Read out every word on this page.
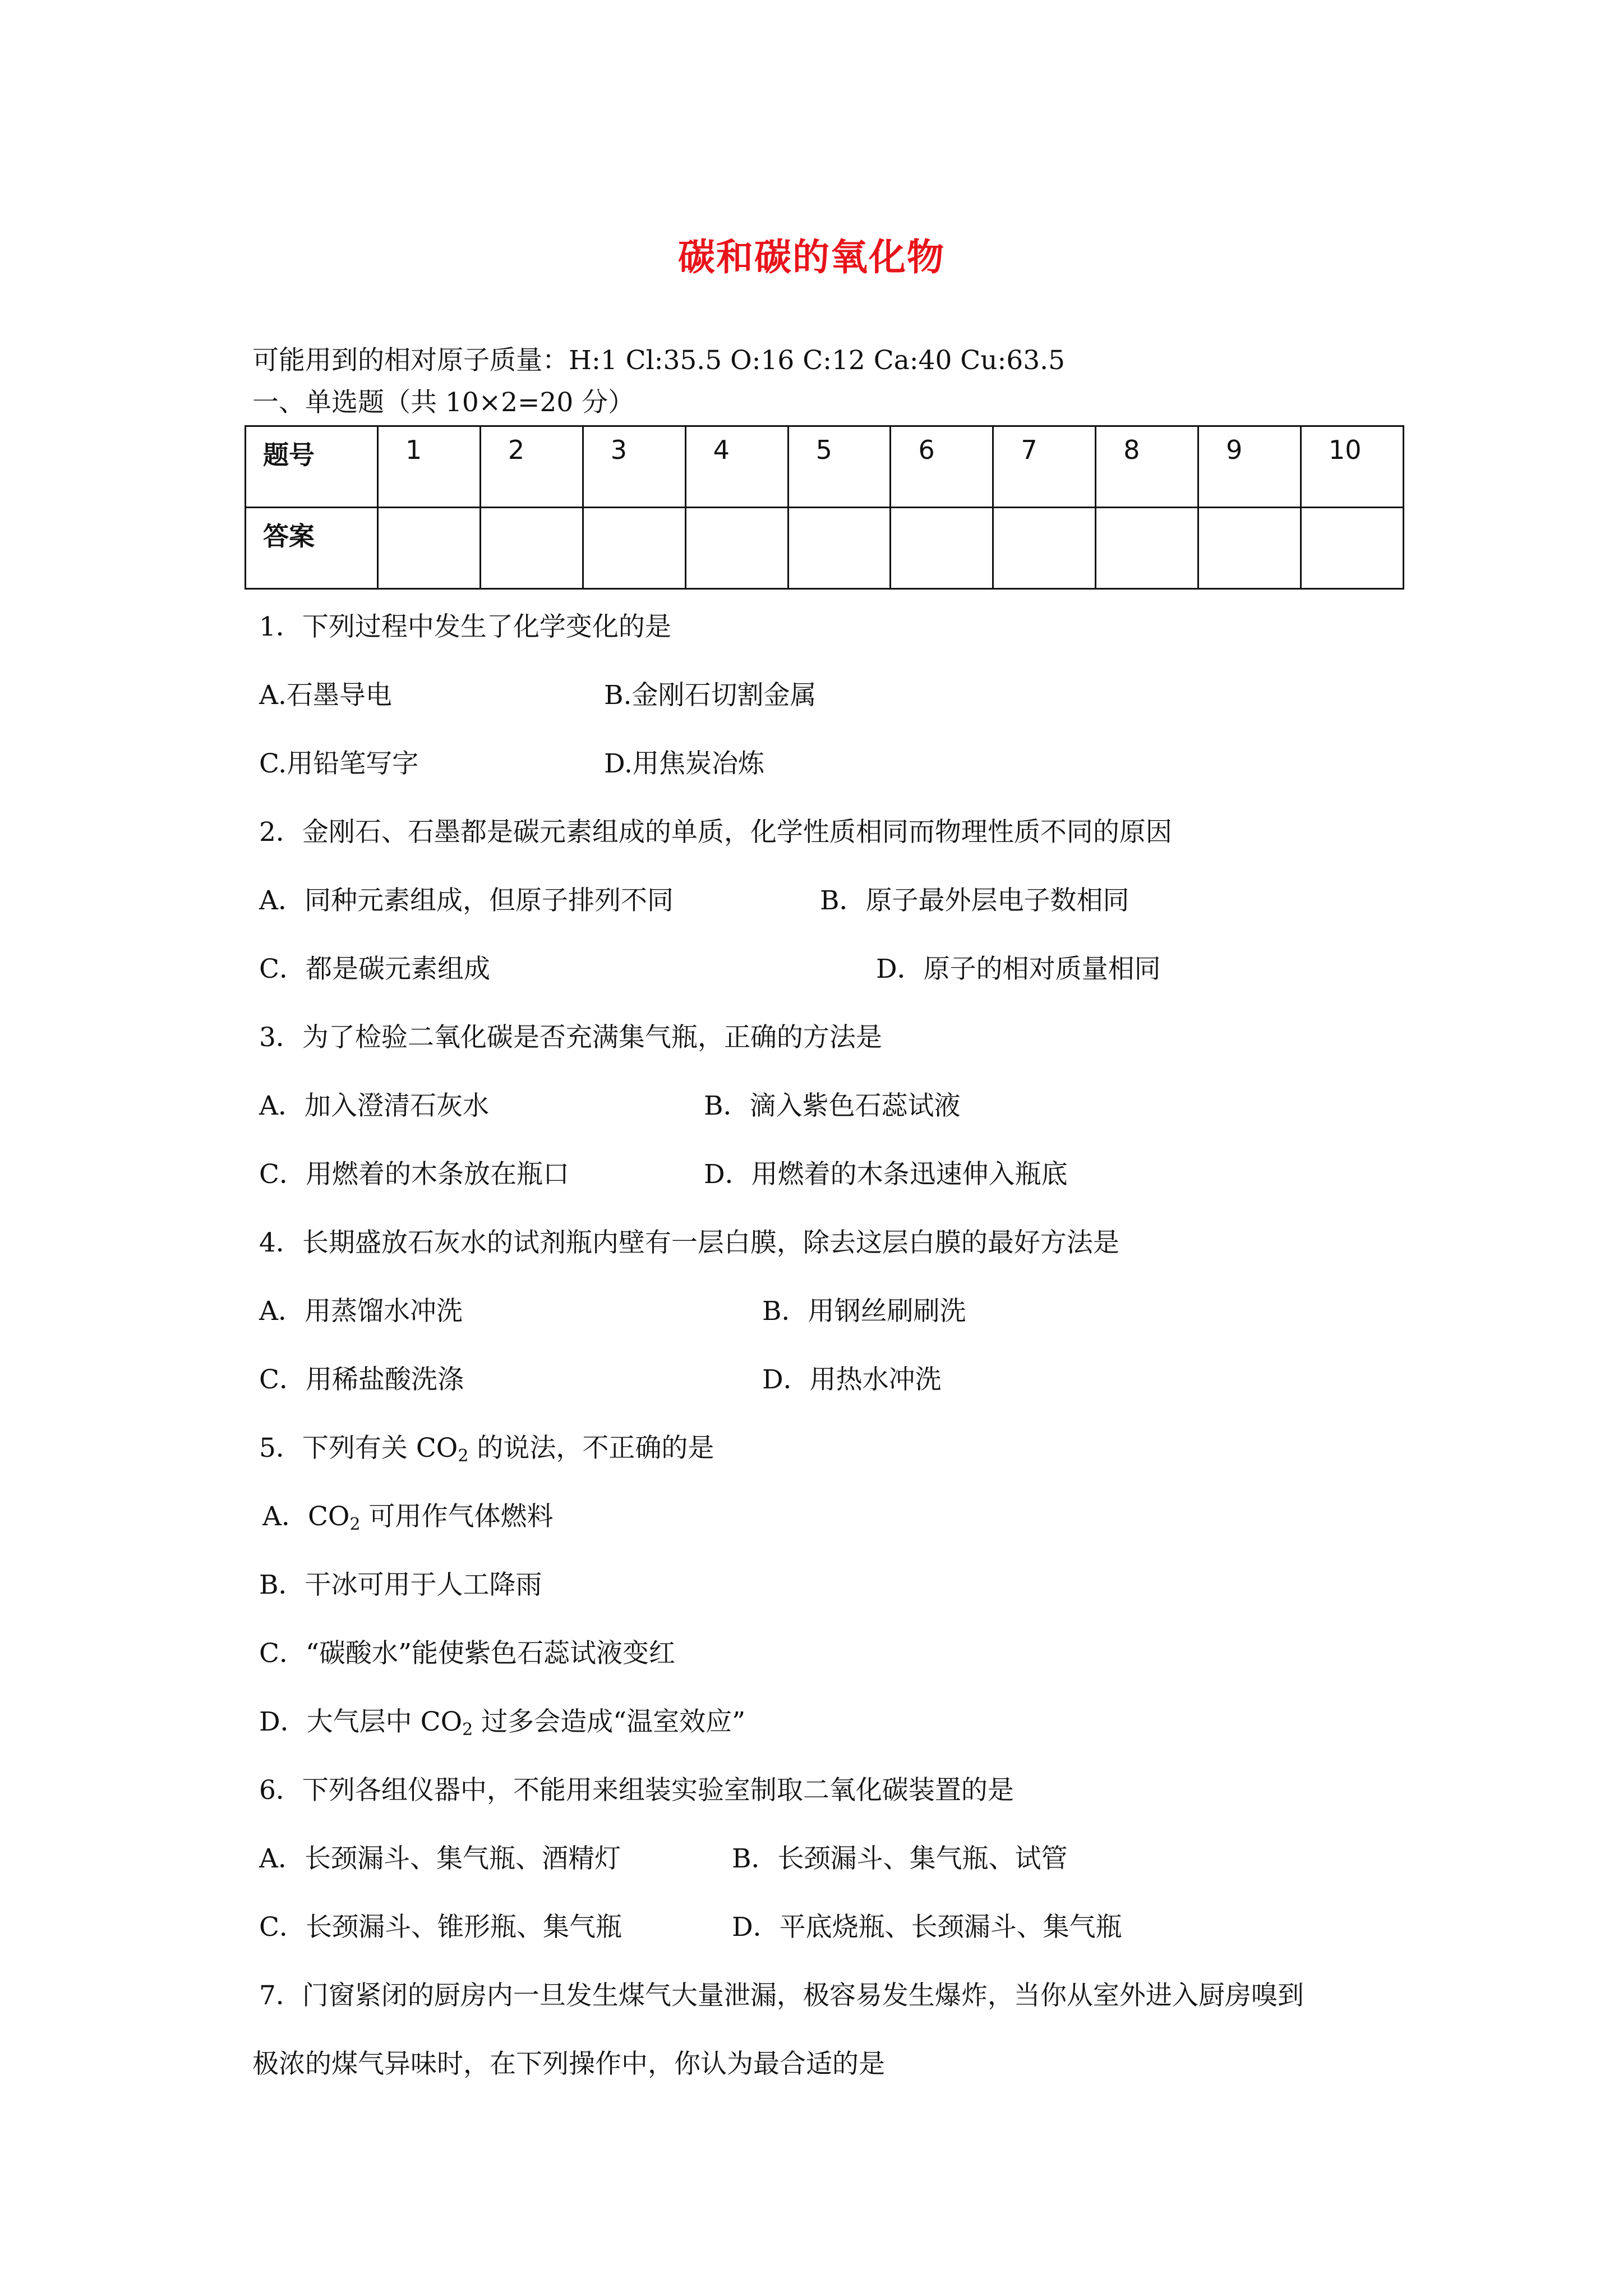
碳和碳的氧化物
可能用到的相对原子质量：H:1 Cl:35.5 O:16 C:12 Ca:40 Cu:63.5
一、单选题（共 10×2=20 分）
题号	1	2	3	4	5	6	7	8	9	10
答案										
1．下列过程中发生了化学变化的是
A.石墨导电	B.金刚石切割金属
C.用铅笔写字	D.用焦炭冶炼
2．金刚石、石墨都是碳元素组成的单质，化学性质相同而物理性质不同的原因
A．同种元素组成，但原子排列不同	B．原子最外层电子数相同
C．都是碳元素组成	D．原子的相对质量相同
3．为了检验二氧化碳是否充满集气瓶，正确的方法是
A．加入澄清石灰水	B．滴入紫色石蕊试液
C．用燃着的木条放在瓶口	D．用燃着的木条迅速伸入瓶底
4．长期盛放石灰水的试剂瓶内壁有一层白膜，除去这层白膜的最好方法是
A．用蒸馏水冲洗	B．用钢丝刷刷洗
C．用稀盐酸洗涤	D．用热水冲洗
5．下列有关 $CO_2$ 的说法，不正确的是
A．$CO_2$ 可用作气体燃料
B．干冰可用于人工降雨
C．“碳酸水”能使紫色石蕊试液变红
D．大气层中 $CO_2$ 过多会造成“温室效应”
6．下列各组仪器中，不能用来组装实验室制取二氧化碳装置的是
A．长颈漏斗、集气瓶、酒精灯	B．长颈漏斗、集气瓶、试管
C．长颈漏斗、锥形瓶、集气瓶	D．平底烧瓶、长颈漏斗、集气瓶
7．门窗紧闭的厨房内一旦发生煤气大量泄漏，极容易发生爆炸，当你从室外进入厨房嗅到
极浓的煤气异味时，在下列操作中，你认为最合适的是
